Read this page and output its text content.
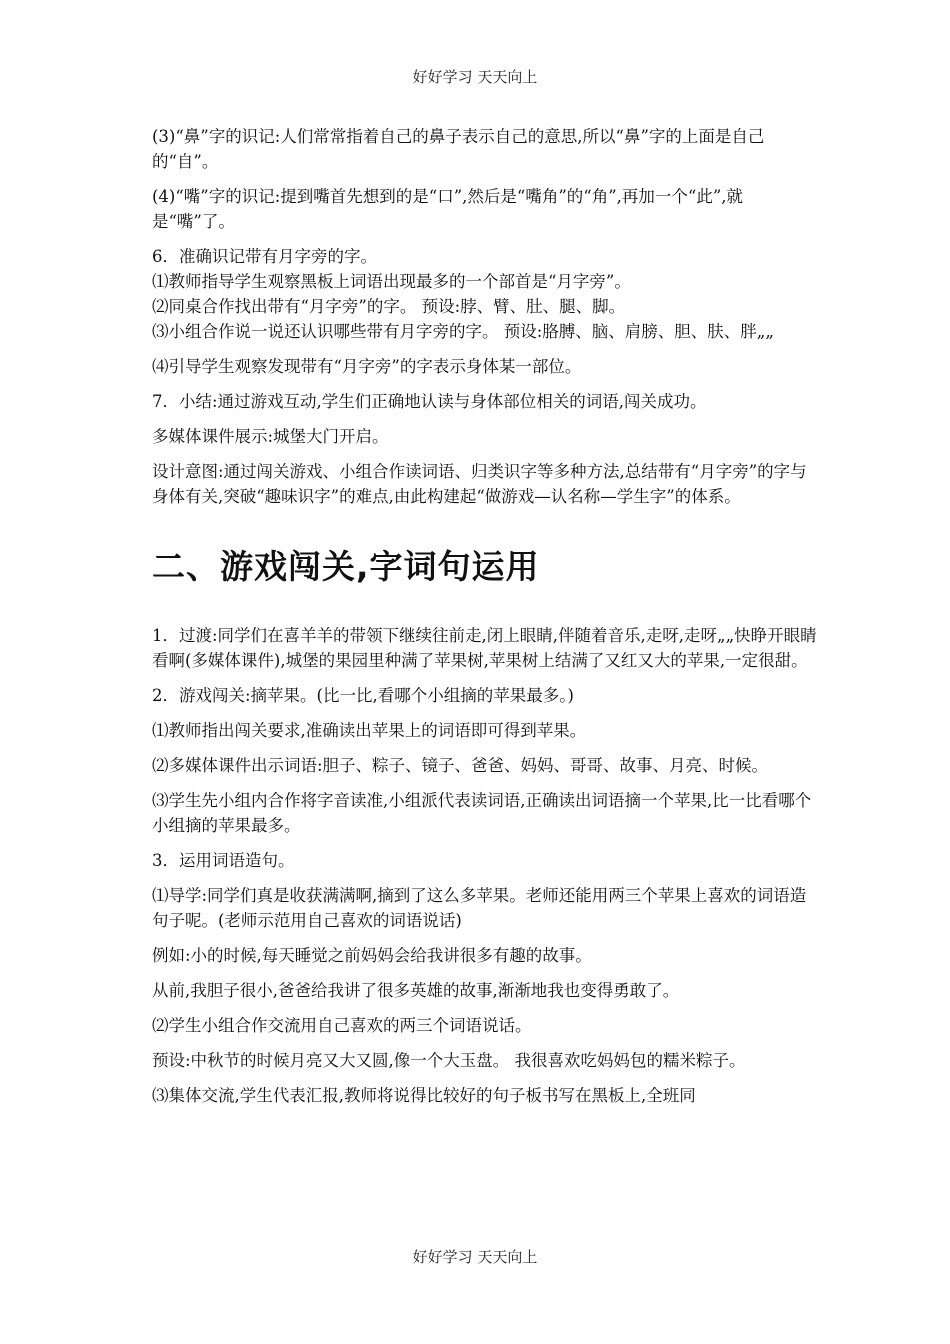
好好学习 天天向上

(3)“鼻”字的识记:人们常常指着自己的鼻子表示自己的意思,所以“鼻”字的上面是自己的“自”。

(4)“嘴”字的识记:提到嘴首先想到的是“口”,然后是“嘴角”的“角”,再加一个“此”,就是“嘴”了。

6．准确识记带有月字旁的字。

⑴教师指导学生观察黑板上词语出现最多的一个部首是“月字旁”。

⑵同桌合作找出带有“月字旁”的字。 预设:脖、臂、肚、腿、脚。

⑶小组合作说一说还认识哪些带有月字旁的字。 预设:胳膊、脑、肩膀、胆、肤、胖„„

⑷引导学生观察发现带有“月字旁”的字表示身体某一部位。

7．小结:通过游戏互动,学生们正确地认读与身体部位相关的词语,闯关成功。

多媒体课件展示:城堡大门开启。

设计意图:通过闯关游戏、小组合作读词语、归类识字等多种方法,总结带有“月字旁”的字与身体有关,突破“趣味识字”的难点,由此构建起“做游戏—认名称—学生字”的体系。

二、游戏闯关,字词句运用

1．过渡:同学们在喜羊羊的带领下继续往前走,闭上眼睛,伴随着音乐,走呀,走呀„„快睁开眼睛看啊(多媒体课件),城堡的果园里种满了苹果树,苹果树上结满了又红又大的苹果,一定很甜。

2．游戏闯关:摘苹果。(比一比,看哪个小组摘的苹果最多。)

⑴教师指出闯关要求,准确读出苹果上的词语即可得到苹果。

⑵多媒体课件出示词语:胆子、粽子、镜子、爸爸、妈妈、哥哥、故事、月亮、时候。

⑶学生先小组内合作将字音读准,小组派代表读词语,正确读出词语摘一个苹果,比一比看哪个小组摘的苹果最多。

3．运用词语造句。

⑴导学:同学们真是收获满满啊,摘到了这么多苹果。老师还能用两三个苹果上喜欢的词语造句子呢。(老师示范用自己喜欢的词语说话)

例如:小的时候,每天睡觉之前妈妈会给我讲很多有趣的故事。

从前,我胆子很小,爸爸给我讲了很多英雄的故事,渐渐地我也变得勇敢了。

⑵学生小组合作交流用自己喜欢的两三个词语说话。

预设:中秋节的时候月亮又大又圆,像一个大玉盘。 我很喜欢吃妈妈包的糯米粽子。

⑶集体交流,学生代表汇报,教师将说得比较好的句子板书写在黑板上,全班同

好好学习 天天向上
